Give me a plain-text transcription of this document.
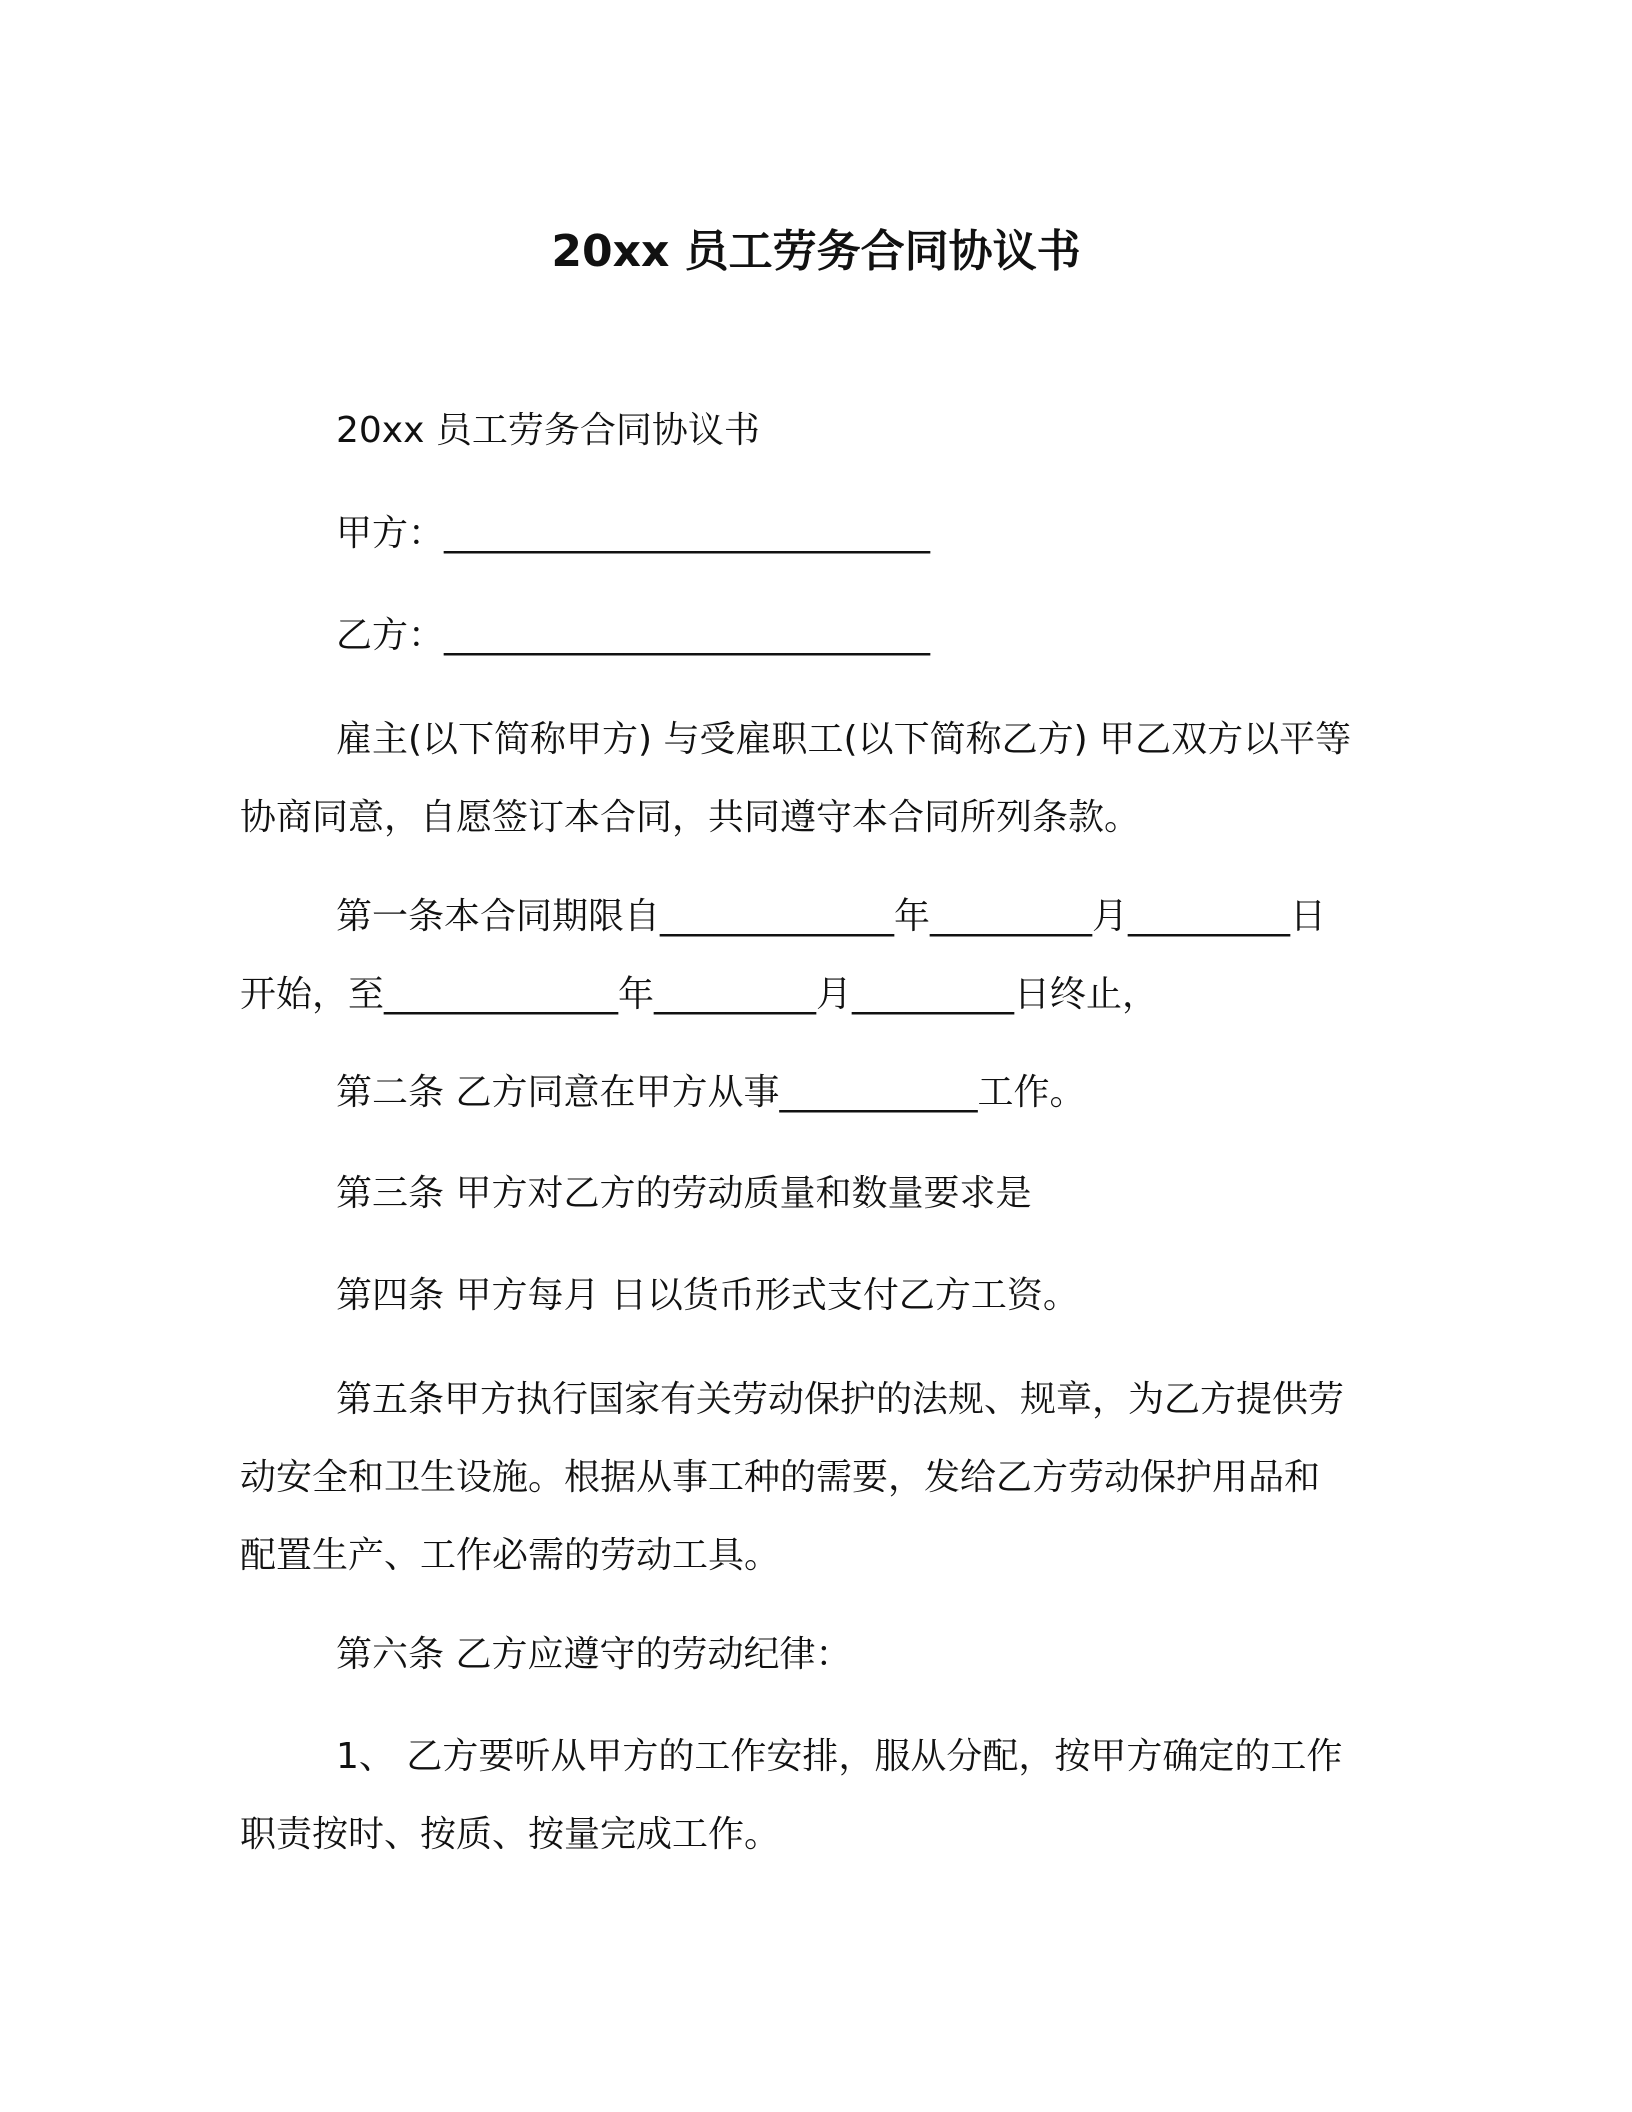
20xx 员工劳务合同协议书
20xx 员工劳务合同协议书
甲方：___________________________
乙方：___________________________
雇主(以下简称甲方) 与受雇职工(以下简称乙方) 甲乙双方以平等
协商同意，自愿签订本合同，共同遵守本合同所列条款。
第一条本合同期限自_____________年_________月_________日
开始，至_____________年_________月_________日终止，
第二条 乙方同意在甲方从事___________工作。
第三条 甲方对乙方的劳动质量和数量要求是
第四条 甲方每月 日以货币形式支付乙方工资。
第五条甲方执行国家有关劳动保护的法规、规章，为乙方提供劳
动安全和卫生设施。根据从事工种的需要，发给乙方劳动保护用品和
配置生产、工作必需的劳动工具。
第六条 乙方应遵守的劳动纪律：
1、 乙方要听从甲方的工作安排，服从分配，按甲方确定的工作
职责按时、按质、按量完成工作。
